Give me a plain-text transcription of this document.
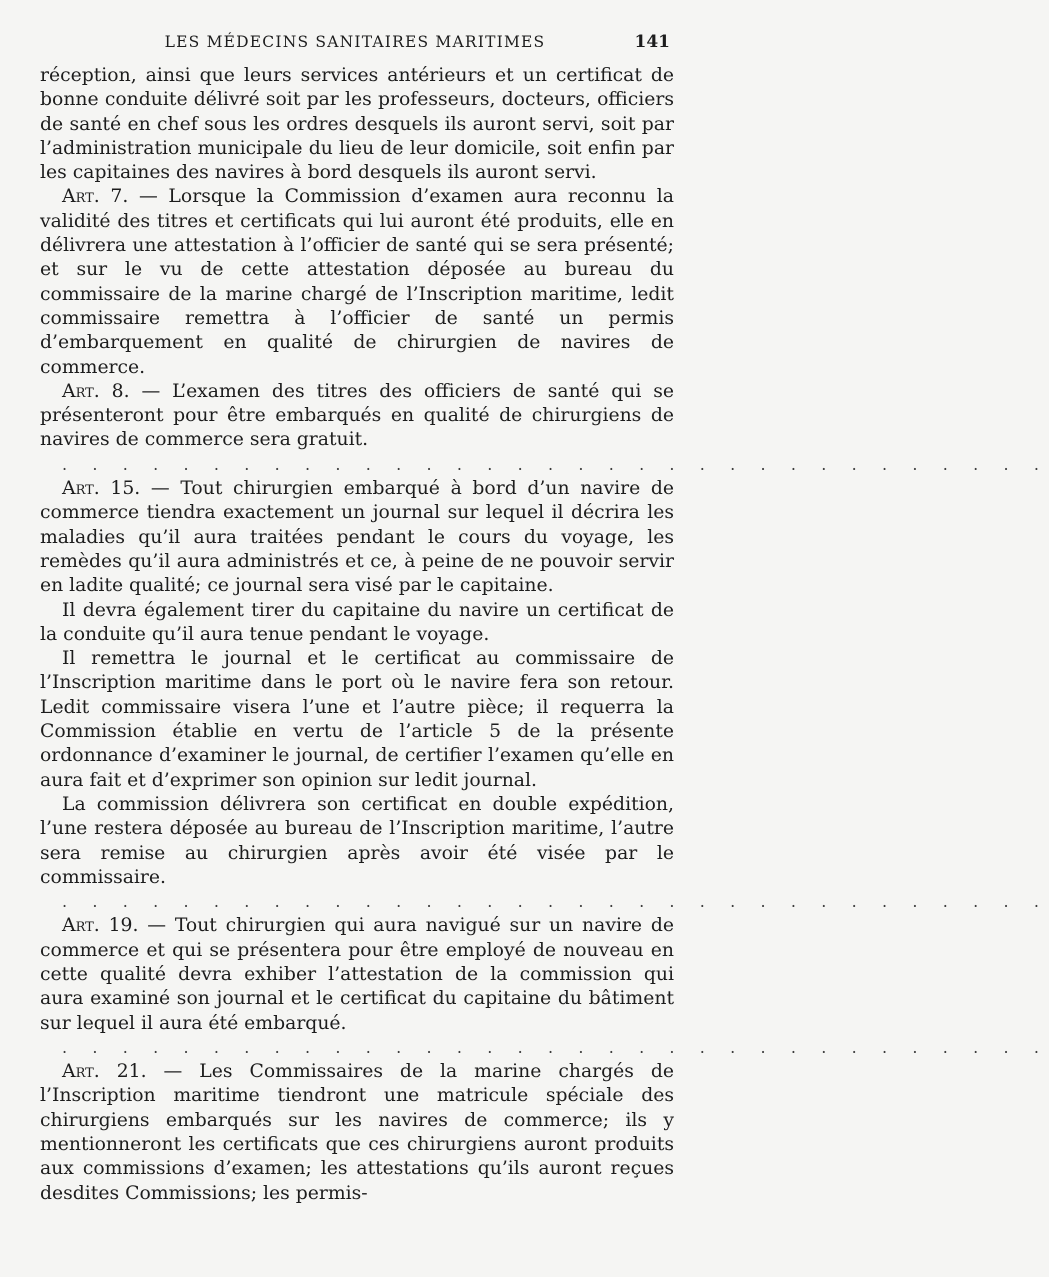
LES MÉDECINS SANITAIRES MARITIMES	141

réception, ainsi que leurs services antérieurs et un certificat de bonne conduite délivré soit par les professeurs, docteurs, officiers de santé en chef sous les ordres desquels ils auront servi, soit par l’administration municipale du lieu de leur domicile, soit enfin par les capitaines des navires à bord desquels ils auront servi.

Art. 7. — Lorsque la Commission d’examen aura reconnu la validité des titres et certificats qui lui auront été produits, elle en délivrera une attestation à l’officier de santé qui se sera présenté; et sur le vu de cette attestation déposée au bureau du commissaire de la marine chargé de l’Inscription maritime, ledit commissaire remettra à l’officier de santé un permis d’embarquement en qualité de chirurgien de navires de commerce.

Art. 8. — L’examen des titres des officiers de santé qui se présenteront pour être embarqués en qualité de chirurgiens de navires de commerce sera gratuit.

. . . . . . . . . . . . . . . . . . . . . . . . . . . . . . . . .

Art. 15. — Tout chirurgien embarqué à bord d’un navire de commerce tiendra exactement un journal sur lequel il décrira les maladies qu’il aura traitées pendant le cours du voyage, les remèdes qu’il aura administrés et ce, à peine de ne pouvoir servir en ladite qualité; ce journal sera visé par le capitaine.

Il devra également tirer du capitaine du navire un certificat de la conduite qu’il aura tenue pendant le voyage.

Il remettra le journal et le certificat au commissaire de l’Inscription maritime dans le port où le navire fera son retour. Ledit commissaire visera l’une et l’autre pièce; il requerra la Commission établie en vertu de l’article 5 de la présente ordonnance d’examiner le journal, de certifier l’examen qu’elle en aura fait et d’exprimer son opinion sur ledit journal.

La commission délivrera son certificat en double expédition, l’une restera déposée au bureau de l’Inscription maritime, l’autre sera remise au chirurgien après avoir été visée par le commissaire.

. . . . . . . . . . . . . . . . . . . . . . . . . . . . . . . . .

Art. 19. — Tout chirurgien qui aura navigué sur un navire de commerce et qui se présentera pour être employé de nouveau en cette qualité devra exhiber l’attestation de la commission qui aura examiné son journal et le certificat du capitaine du bâtiment sur lequel il aura été embarqué.

. . . . . . . . . . . . . . . . . . . . . . . . . . . . . . . . .

Art. 21. — Les Commissaires de la marine chargés de l’Inscription maritime tiendront une matricule spéciale des chirurgiens embarqués sur les navires de commerce; ils y mentionneront les certificats que ces chirurgiens auront produits aux commissions d’examen; les attestations qu’ils auront reçues desdites Commissions; les permis-
